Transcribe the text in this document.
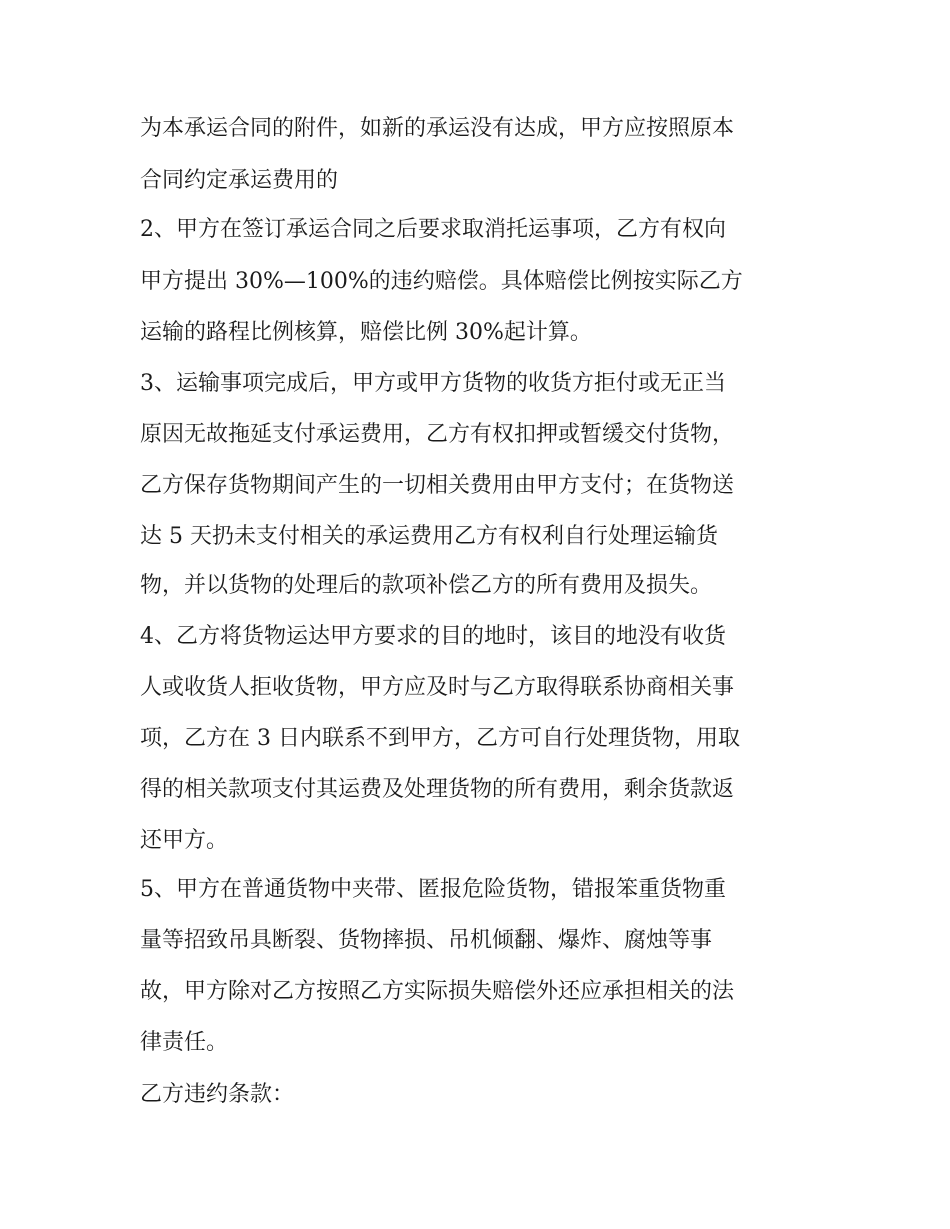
为本承运合同的附件，如新的承运没有达成，甲方应按照原本
合同约定承运费用的
2、甲方在签订承运合同之后要求取消托运事项，乙方有权向
甲方提出 30%—100%的违约赔偿。具体赔偿比例按实际乙方
运输的路程比例核算，赔偿比例 30%起计算。
3、运输事项完成后，甲方或甲方货物的收货方拒付或无正当
原因无故拖延支付承运费用，乙方有权扣押或暂缓交付货物，
乙方保存货物期间产生的一切相关费用由甲方支付；在货物送
达 5 天扔未支付相关的承运费用乙方有权利自行处理运输货
物，并以货物的处理后的款项补偿乙方的所有费用及损失。
4、乙方将货物运达甲方要求的目的地时，该目的地没有收货
人或收货人拒收货物，甲方应及时与乙方取得联系协商相关事
项，乙方在 3 日内联系不到甲方，乙方可自行处理货物，用取
得的相关款项支付其运费及处理货物的所有费用，剩余货款返
还甲方。
5、甲方在普通货物中夹带、匿报危险货物，错报笨重货物重
量等招致吊具断裂、货物摔损、吊机倾翻、爆炸、腐烛等事
故，甲方除对乙方按照乙方实际损失赔偿外还应承担相关的法
律责任。
乙方违约条款：
